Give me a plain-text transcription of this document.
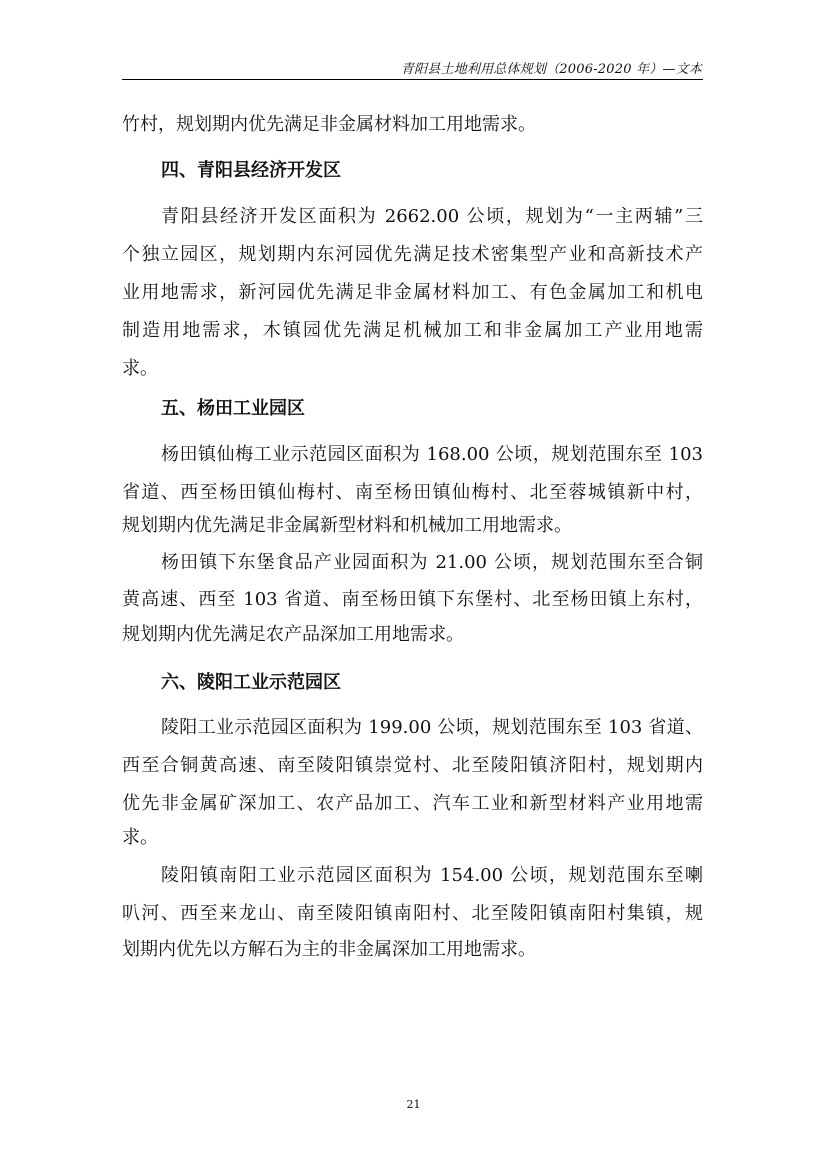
青阳县土地利用总体规划（2006-2020 年）—文本
竹村，规划期内优先满足非金属材料加工用地需求。
四、青阳县经济开发区
青阳县经济开发区面积为 2662.00 公顷，规划为“一主两辅”三
个独立园区，规划期内东河园优先满足技术密集型产业和高新技术产
业用地需求，新河园优先满足非金属材料加工、有色金属加工和机电
制造用地需求，木镇园优先满足机械加工和非金属加工产业用地需
求。
五、杨田工业园区
杨田镇仙梅工业示范园区面积为 168.00 公顷，规划范围东至 103
省道、西至杨田镇仙梅村、南至杨田镇仙梅村、北至蓉城镇新中村，
规划期内优先满足非金属新型材料和机械加工用地需求。
杨田镇下东堡食品产业园面积为 21.00 公顷，规划范围东至合铜
黄高速、西至 103 省道、南至杨田镇下东堡村、北至杨田镇上东村，
规划期内优先满足农产品深加工用地需求。
六、陵阳工业示范园区
陵阳工业示范园区面积为 199.00 公顷，规划范围东至 103 省道、
西至合铜黄高速、南至陵阳镇崇觉村、北至陵阳镇济阳村，规划期内
优先非金属矿深加工、农产品加工、汽车工业和新型材料产业用地需
求。
陵阳镇南阳工业示范园区面积为 154.00 公顷，规划范围东至喇
叭河、西至来龙山、南至陵阳镇南阳村、北至陵阳镇南阳村集镇，规
划期内优先以方解石为主的非金属深加工用地需求。
21
